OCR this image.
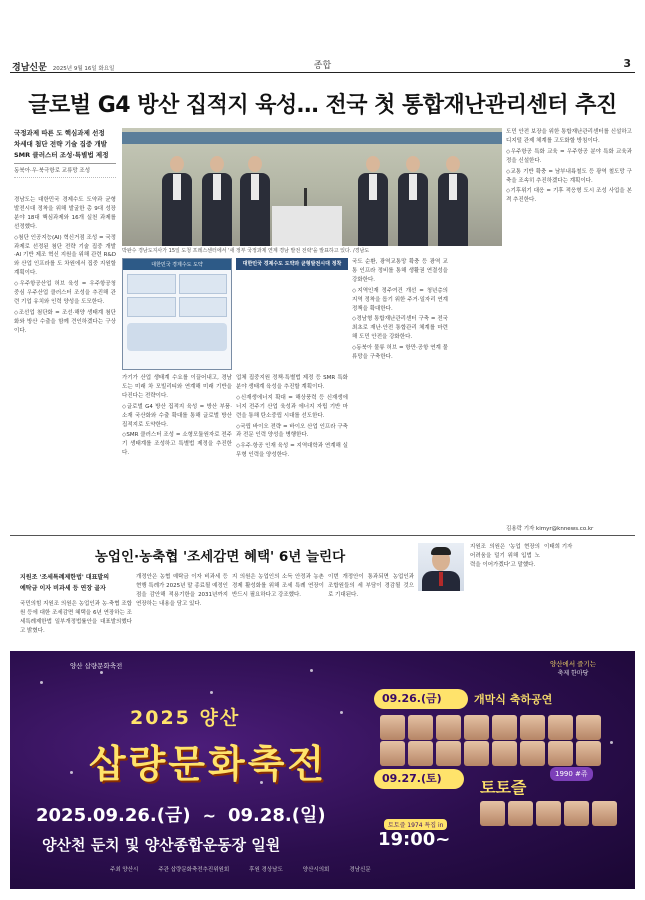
경남신문 2025년 9월 16일 화요일	종합	3
글로벌 G4 방산 집적지 육성… 전국 첫 통합재난관리센터 추진
국정과제 따른 도 핵심과제 선정
차세대 첨단 전략 기술 집중 개발
SMR 클러스터 조성·특별법 제정
동북아·우·북극항로 교류망 조성
박완수 경남도지사가 15일 도청 프레스센터에서 '새 정부 국정과제 연계 경남 발전 전략'을 발표하고 있다. /경남도
대한민국 경제수도 도약	대한민국 경제수도 도약과 균형발전시대 정착

경남도는 대한민국 경제수도 도약과 균형발전시대 정착을 위해 발굴한 총 9대 성장분야 18대 핵심과제와 16개 실천 과제를 선정했다.

◇첨단 인공지능(AI) 혁신거점 조성 = 국정과제로 선정된 첨단 전략 기술 집중 개발·AI 기반 제조 혁신 지원을 위해 관련 R&D와 산업 인프라를 도 차원에서 집중 지원할 계획이다.

◇우주항공산업 허브 육성 = 우주항공청 중심 우주산업 클러스터 조성을 추진해 관련 기업 유치와 인력 양성을 도모한다.

◇조선업 첨단화 = 조선·해양 생태계 첨단화와 방산 수출을 함께 견인하겠다는 구상이다.

가기가 산업 생태계 수요를 이끌어내고, 경남도는 미래 차 모빌리티와 연계해 미래 기반을 다진다는 전략이다.

◇글로벌 G4 방산 집적지 육성 = 방산 부품·소재 국산화와 수출 확대를 통해 글로벌 방산 집적지로 도약한다.

◇SMR 클러스터 조성 = 소형모듈원자로 전주기 생태계를 조성하고 특별법 제정을 추진한다.

업체 집중지원 정책·특별법 제정 등 SMR 특화 분야 생태계 육성을 추진할 계획이다.

◇신재생에너지 확대 = 해상풍력 등 신재생에너지 전주기 산업 육성과 에너지 자립 기반 마련을 통해 탄소중립 시대를 선도한다.

◇국립 바이오 전략 = 바이오 산업 인프라 구축과 전문 인력 양성을 병행한다.

◇우주·항공 인재 육성 = 지역대학과 연계해 실무형 인력을 양성한다.

국도 순환, 광역교통망 확충 등 광역 교통 인프라 정비를 통해 생활권 연결성을 강화한다.

◇지역인재 정주여건 개선 = 청년층의 지역 정착을 돕기 위한 주거·일자리 연계 정책을 확대한다.

◇경남형 통합재난관리센터 구축 = 전국 최초로 재난·안전 통합관리 체계를 마련해 도민 안전을 강화한다.

◇동북아 물류 허브 = 항만·공항 연계 물류망을 구축한다.

도민 안전 보장을 위한 통합재난관리센터를 신설하고 디지털 관제 체계를 고도화할 방침이다.

◇우주항공 특화 교육 = 우주항공 분야 특화 교육과정을 신설한다.

◇교통 기반 확충 = 남부내륙철도 등 광역 철도망 구축을 조속히 추진하겠다는 계획이다.

◇기후위기 대응 = 기후 적응형 도시 조성 사업을 본격 추진한다.

김용락 기자 kimyr@knnews.co.kr
농업인·농축협 '조세감면 혜택' 6년 늘린다
지원조 '조세특례제한법' 대표발의
예탁금 이자 비과세 등 연장 골자
국민의힘 지원조 의원은 농업인과 농·축협 조합원 등에 대한 조세감면 혜택을 6년 연장하는 조세특례제한법 일부개정법률안을 대표발의했다고 밝혔다.
개정안은 농협 예탁금 이자 비과세 등 현행 특례가 2025년 말 종료될 예정인 점을 감안해 적용기한을 2031년까지 연장하는 내용을 담고 있다.
지 의원은 농업인의 소득 안정과 농촌 경제 활성화를 위해 조세 특례 연장이 반드시 필요하다고 강조했다.
이번 개정안이 통과되면 농업인과 조합원들의 세 부담이 경감될 것으로 기대된다.
지원조 의원은 '농업 현장의 어려움을 덜기 위해 입법 노력을 이어가겠다'고 말했다.
이태희 기자
양산 삽량문화축전	양산에서 즐기는
축제 한마당
2025 양산
삽량문화축전
2025.09.26.(금) ~ 09.28.(일)
양산천 둔치 및 양산종합운동장 일원
09.26.(금)	개막식 축하공연
09.27.(토)	토토즐
1990 #쥬
토토즐 1974 특집 in
19:00~
주최 양산시	주관 삽량문화축전추진위원회	후원 경상남도	양산시의회	경남신문
